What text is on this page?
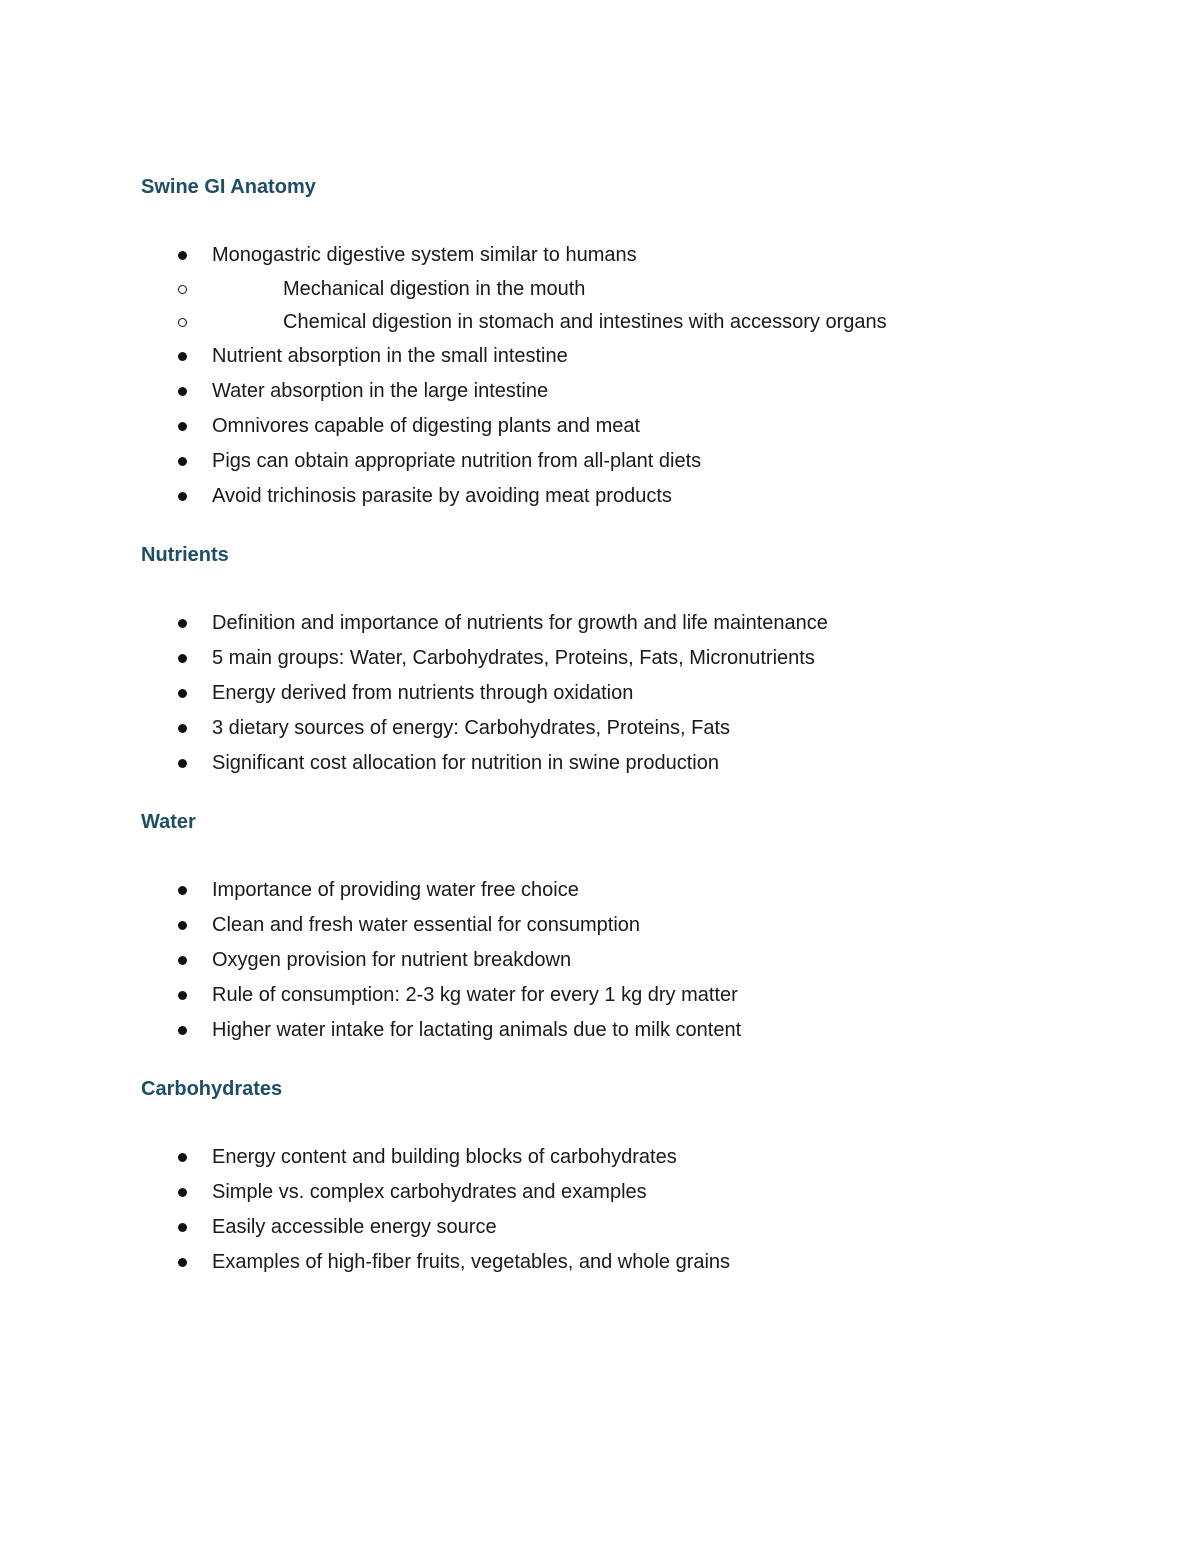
Swine GI Anatomy
Monogastric digestive system similar to humans
Mechanical digestion in the mouth
Chemical digestion in stomach and intestines with accessory organs
Nutrient absorption in the small intestine
Water absorption in the large intestine
Omnivores capable of digesting plants and meat
Pigs can obtain appropriate nutrition from all-plant diets
Avoid trichinosis parasite by avoiding meat products
Nutrients
Definition and importance of nutrients for growth and life maintenance
5 main groups: Water, Carbohydrates, Proteins, Fats, Micronutrients
Energy derived from nutrients through oxidation
3 dietary sources of energy: Carbohydrates, Proteins, Fats
Significant cost allocation for nutrition in swine production
Water
Importance of providing water free choice
Clean and fresh water essential for consumption
Oxygen provision for nutrient breakdown
Rule of consumption: 2-3 kg water for every 1 kg dry matter
Higher water intake for lactating animals due to milk content
Carbohydrates
Energy content and building blocks of carbohydrates
Simple vs. complex carbohydrates and examples
Easily accessible energy source
Examples of high-fiber fruits, vegetables, and whole grains
